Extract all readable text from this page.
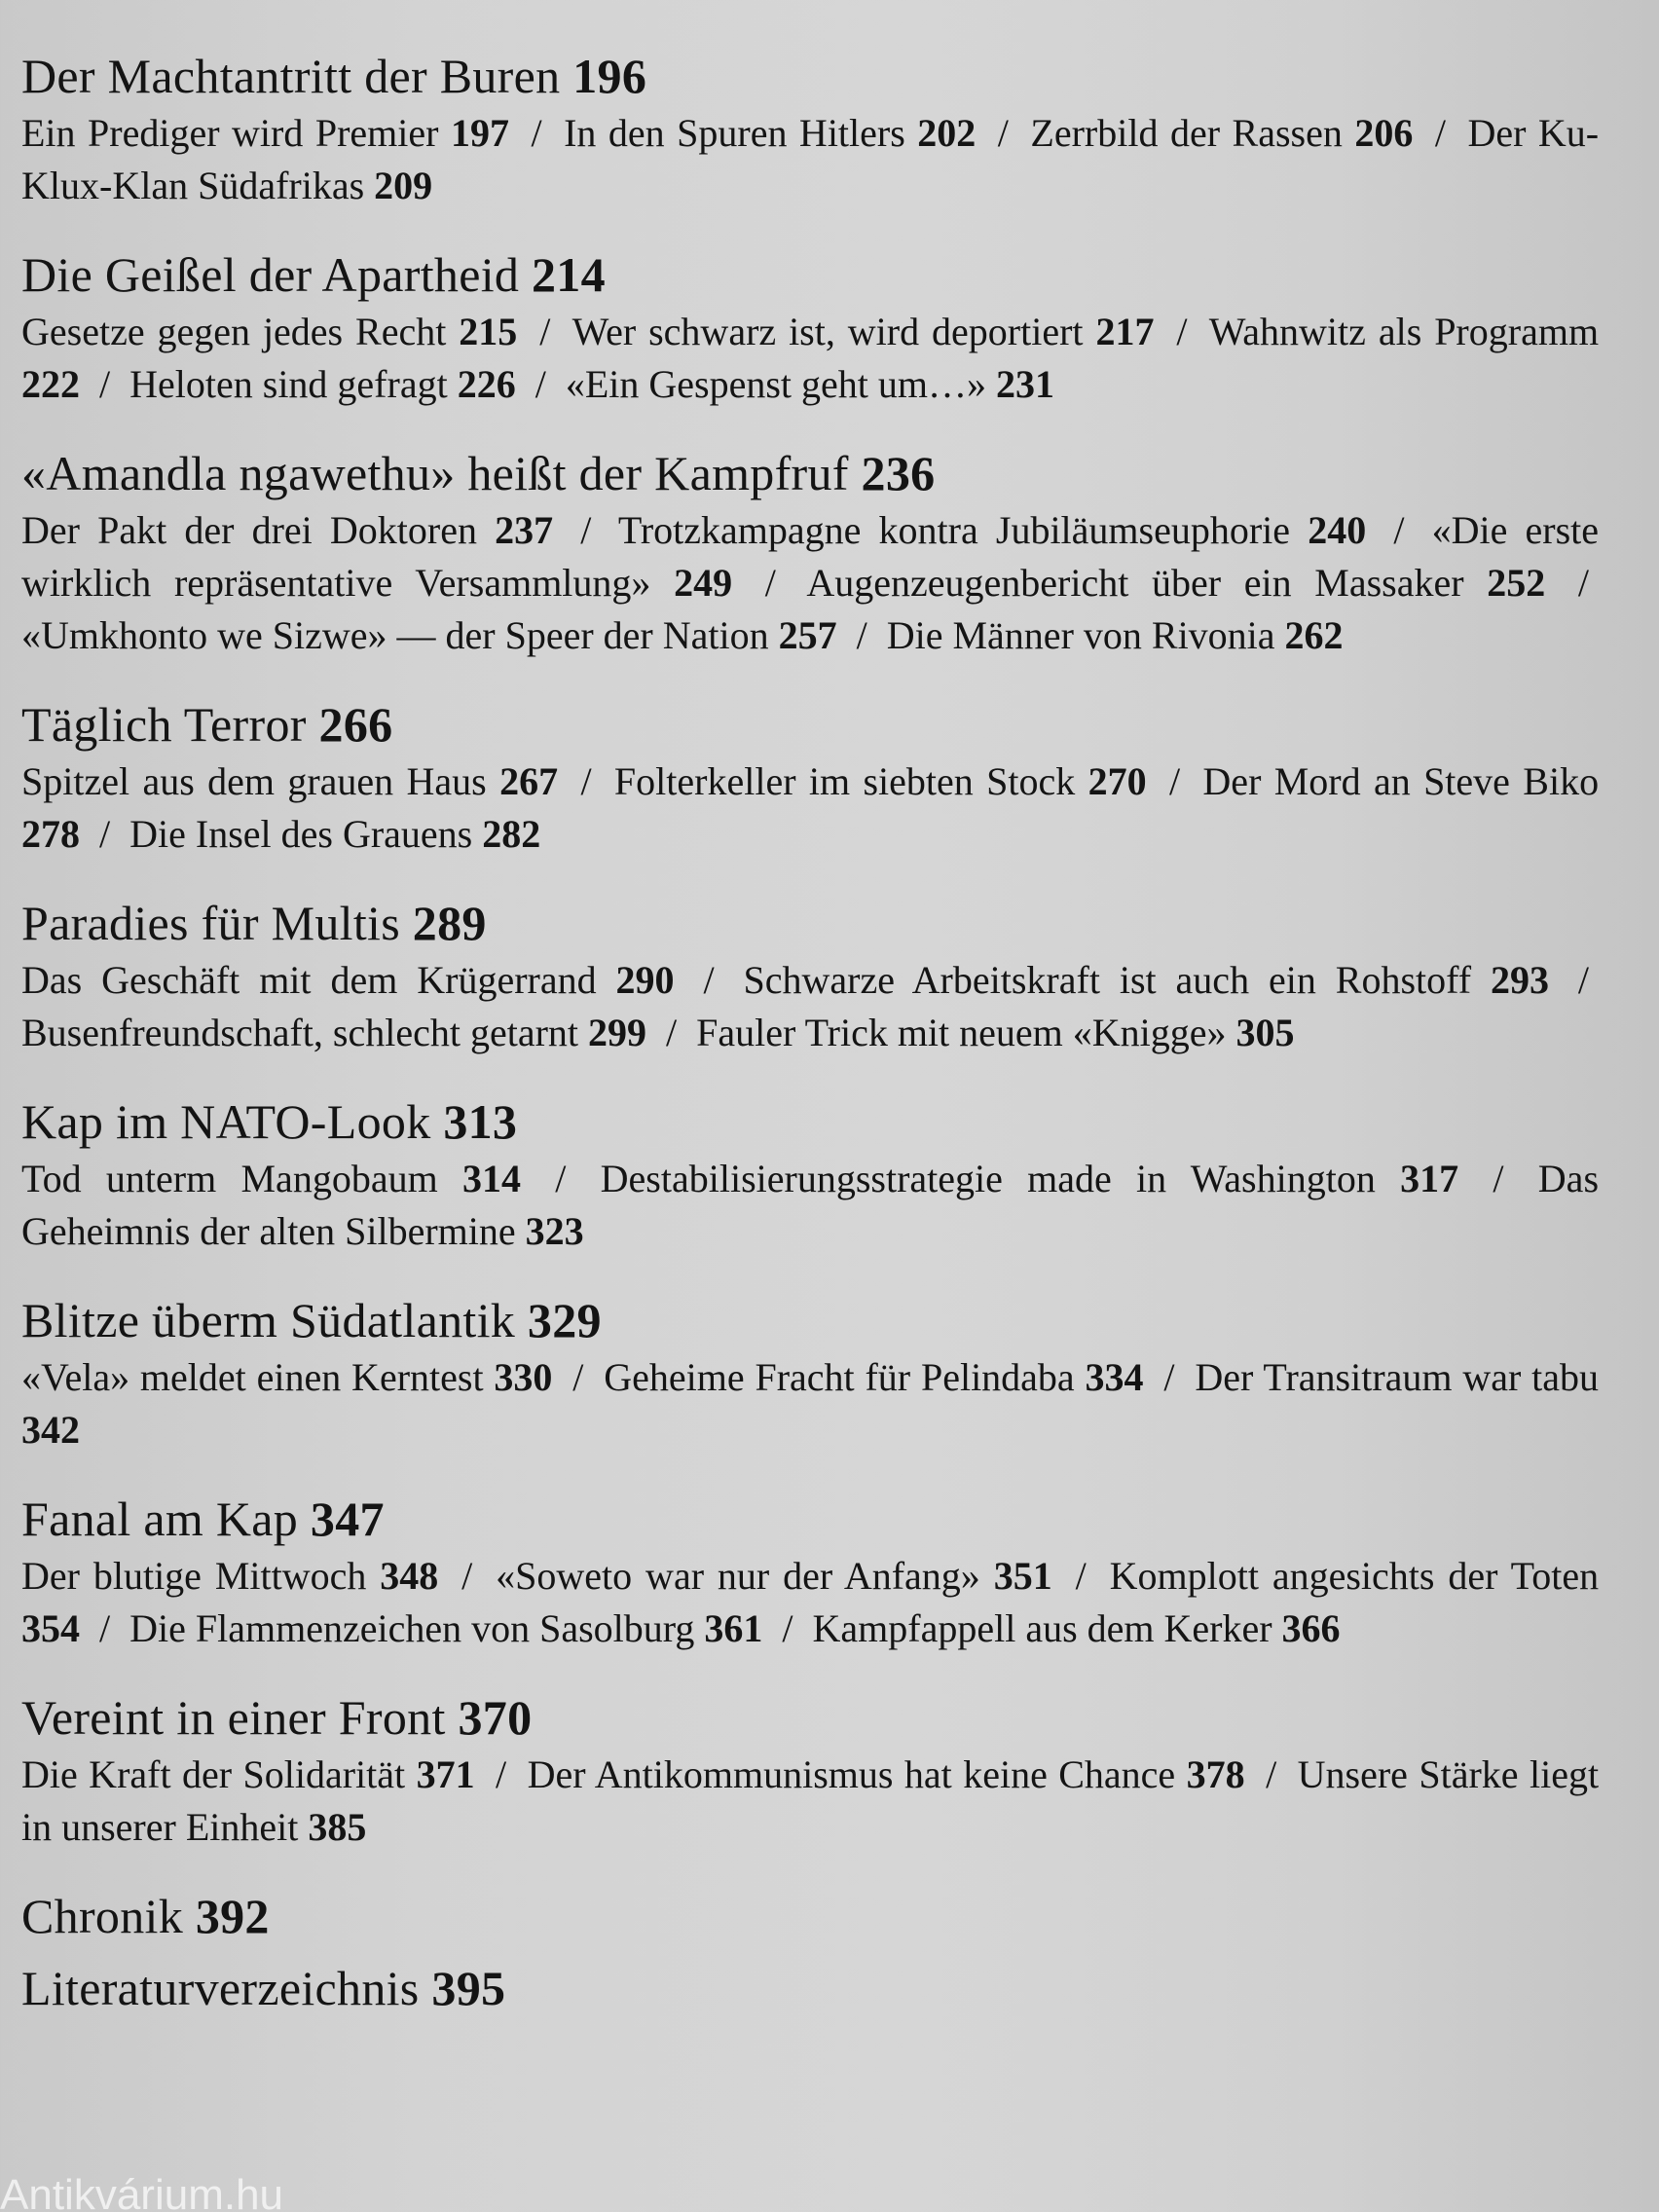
Der Machtantritt der Buren 196

Ein Prediger wird Premier 197 / In den Spuren Hitlers 202 / Zerrbild der Rassen 206 / Der Ku-Klux-Klan Südafrikas 209

Die Geißel der Apartheid 214

Gesetze gegen jedes Recht 215 / Wer schwarz ist, wird deportiert 217 / Wahnwitz als Programm 222 / Heloten sind gefragt 226 / «Ein Gespenst geht um…» 231

«Amandla ngawethu» heißt der Kampfruf 236

Der Pakt der drei Doktoren 237 / Trotzkampagne kontra Jubiläumseuphorie 240 / «Die erste wirklich repräsentative Versammlung» 249 / Augenzeugenbericht über ein Massaker 252 / «Umkhonto we Sizwe» — der Speer der Nation 257 / Die Männer von Rivonia 262

Täglich Terror 266

Spitzel aus dem grauen Haus 267 / Folterkeller im siebten Stock 270 / Der Mord an Steve Biko 278 / Die Insel des Grauens 282

Paradies für Multis 289

Das Geschäft mit dem Krügerrand 290 / Schwarze Arbeitskraft ist auch ein Rohstoff 293 / Busenfreundschaft, schlecht getarnt 299 / Fauler Trick mit neuem «Knigge» 305

Kap im NATO-Look 313

Tod unterm Mangobaum 314 / Destabilisierungsstrategie made in Washington 317 / Das Geheimnis der alten Silbermine 323

Blitze überm Südatlantik 329

«Vela» meldet einen Kerntest 330 / Geheime Fracht für Pelindaba 334 / Der Transitraum war tabu 342

Fanal am Kap 347

Der blutige Mittwoch 348 / «Soweto war nur der Anfang» 351 / Komplott angesichts der Toten 354 / Die Flammenzeichen von Sasolburg 361 / Kampfappell aus dem Kerker 366

Vereint in einer Front 370

Die Kraft der Solidarität 371 / Der Antikommunismus hat keine Chance 378 / Unsere Stärke liegt in unserer Einheit 385

Chronik 392
Literaturverzeichnis 395
Antikvárium.hu
